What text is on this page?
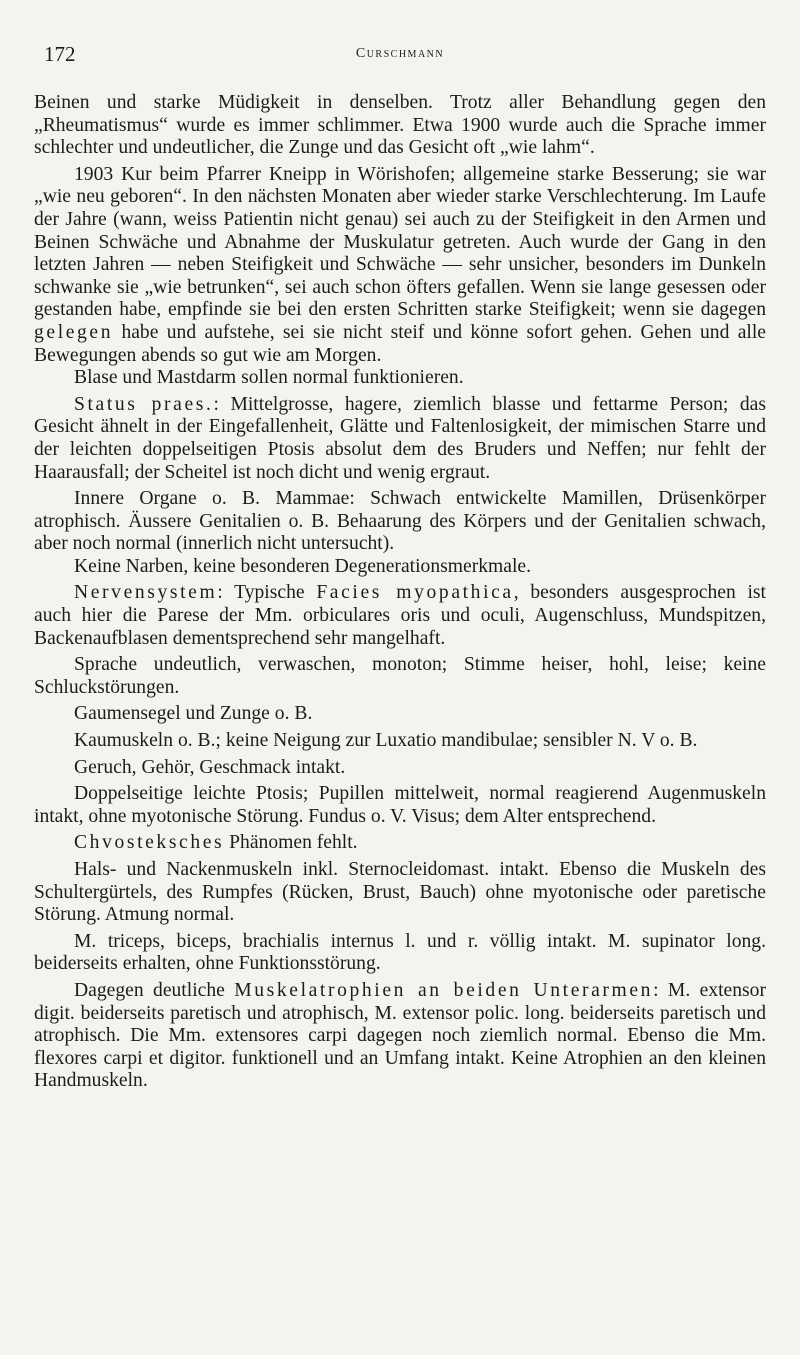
172	Curschmann

Beinen und starke Müdigkeit in denselben. Trotz aller Behandlung gegen den „Rheumatismus“ wurde es immer schlimmer. Etwa 1900 wurde auch die Sprache immer schlechter und undeutlicher, die Zunge und das Gesicht oft „wie lahm“.

1903 Kur beim Pfarrer Kneipp in Wörishofen; allgemeine starke Besserung; sie war „wie neu geboren“. In den nächsten Monaten aber wieder starke Verschlechterung. Im Laufe der Jahre (wann, weiss Patientin nicht genau) sei auch zu der Steifigkeit in den Armen und Beinen Schwäche und Abnahme der Muskulatur getreten. Auch wurde der Gang in den letzten Jahren — neben Steifigkeit und Schwäche — sehr unsicher, besonders im Dunkeln schwanke sie „wie betrunken“, sei auch schon öfters gefallen. Wenn sie lange gesessen oder gestanden habe, empfinde sie bei den ersten Schritten starke Steifigkeit; wenn sie dagegen gelegen habe und aufstehe, sei sie nicht steif und könne sofort gehen. Gehen und alle Bewegungen abends so gut wie am Morgen.

Blase und Mastdarm sollen normal funktionieren.

Status praes.: Mittelgrosse, hagere, ziemlich blasse und fettarme Person; das Gesicht ähnelt in der Eingefallenheit, Glätte und Faltenlosigkeit, der mimischen Starre und der leichten doppelseitigen Ptosis absolut dem des Bruders und Neffen; nur fehlt der Haarausfall; der Scheitel ist noch dicht und wenig ergraut.

Innere Organe o. B. Mammae: Schwach entwickelte Mamillen, Drüsenkörper atrophisch. Äussere Genitalien o. B. Behaarung des Körpers und der Genitalien schwach, aber noch normal (innerlich nicht untersucht).

Keine Narben, keine besonderen Degenerationsmerkmale.

Nervensystem: Typische Facies myopathica, besonders ausgesprochen ist auch hier die Parese der Mm. orbiculares oris und oculi, Augenschluss, Mundspitzen, Backenaufblasen dementsprechend sehr mangelhaft.

Sprache undeutlich, verwaschen, monoton; Stimme heiser, hohl, leise; keine Schluckstörungen.

Gaumensegel und Zunge o. B.

Kaumuskeln o. B.; keine Neigung zur Luxatio mandibulae; sensibler N. V o. B.

Geruch, Gehör, Geschmack intakt.

Doppelseitige leichte Ptosis; Pupillen mittelweit, normal reagierend Augenmuskeln intakt, ohne myotonische Störung. Fundus o. V. Visus; dem Alter entsprechend.

Chvosteksches Phänomen fehlt.

Hals- und Nackenmuskeln inkl. Sternocleidomast. intakt. Ebenso die Muskeln des Schultergürtels, des Rumpfes (Rücken, Brust, Bauch) ohne myotonische oder paretische Störung. Atmung normal.

M. triceps, biceps, brachialis internus l. und r. völlig intakt. M. supinator long. beiderseits erhalten, ohne Funktionsstörung.

Dagegen deutliche Muskelatrophien an beiden Unterarmen: M. extensor digit. beiderseits paretisch und atrophisch, M. extensor polic. long. beiderseits paretisch und atrophisch. Die Mm. extensores carpi dagegen noch ziemlich normal. Ebenso die Mm. flexores carpi et digitor. funktionell und an Umfang intakt. Keine Atrophien an den kleinen Handmuskeln.
